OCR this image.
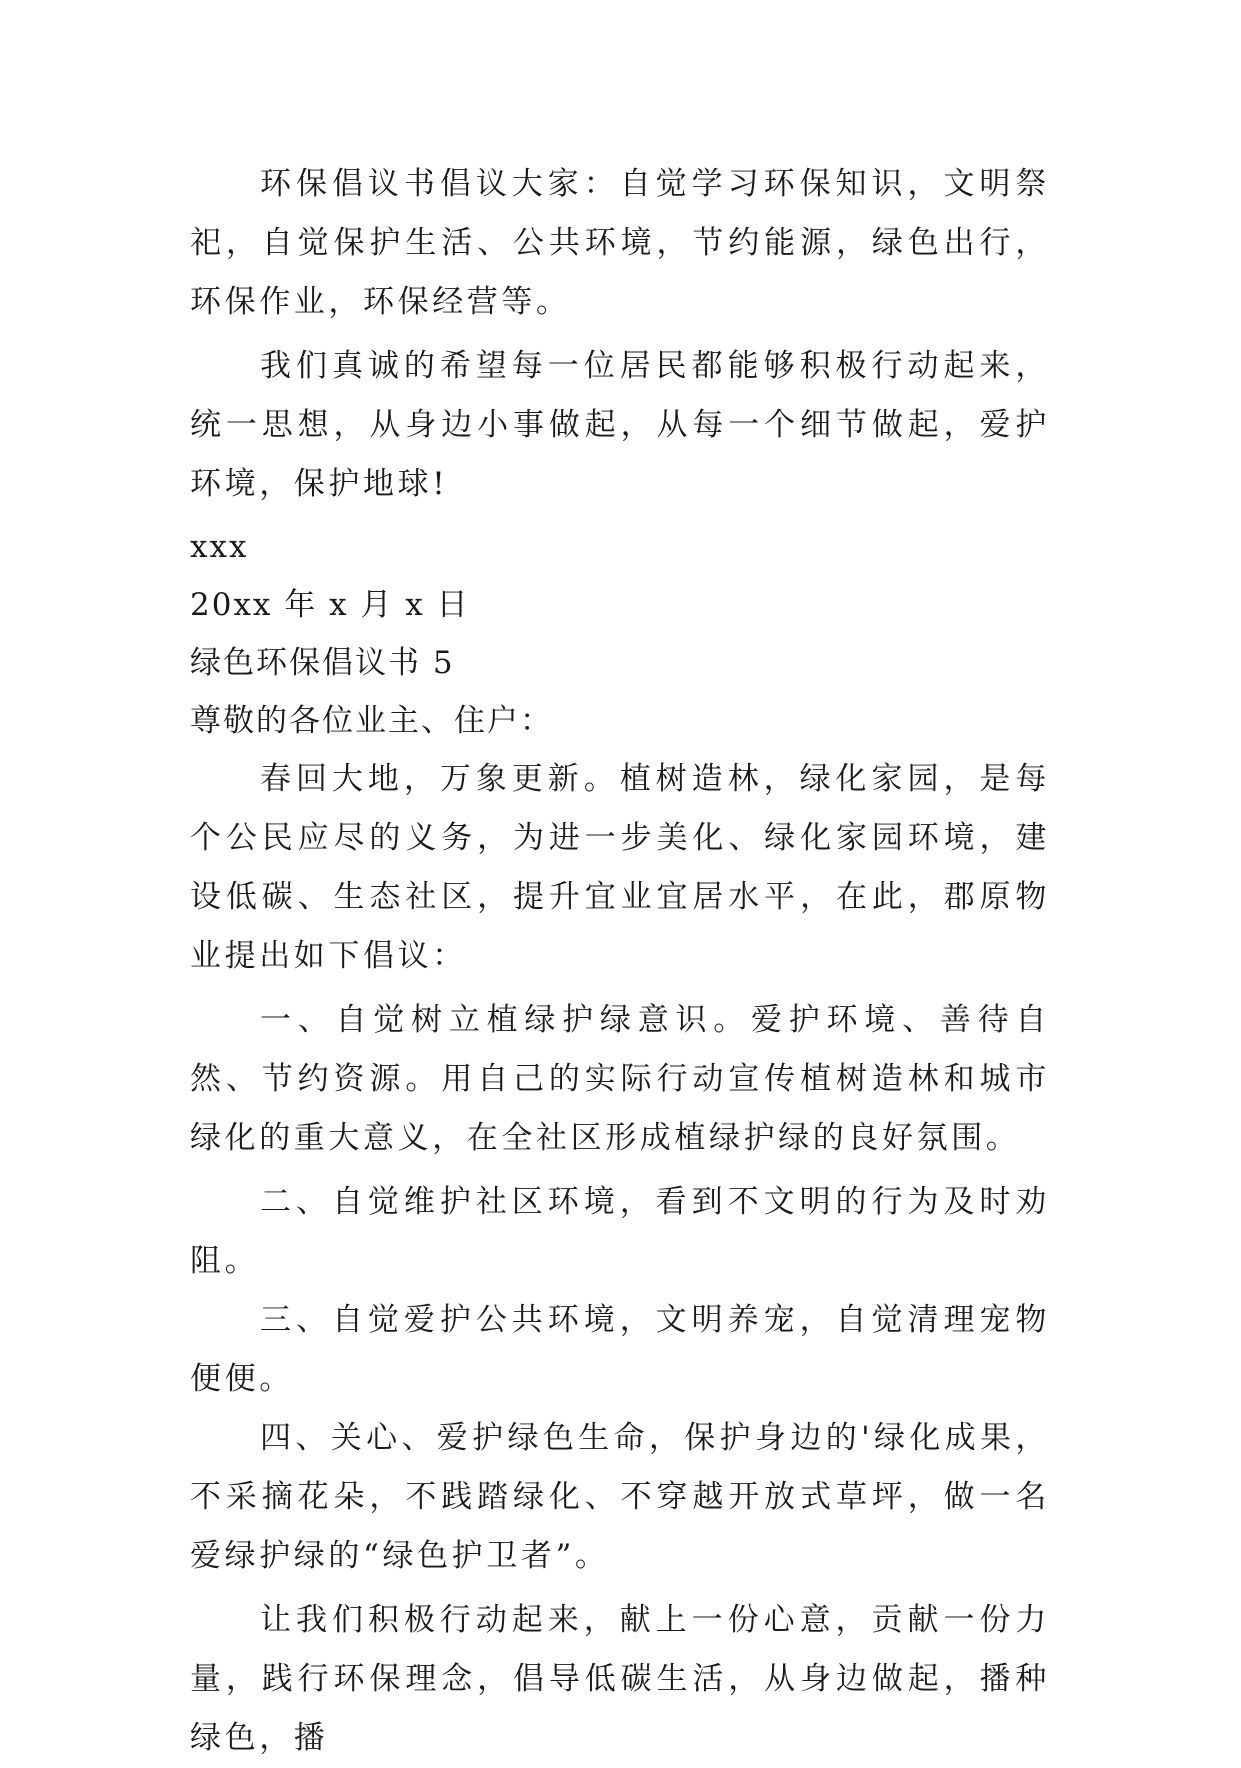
环保倡议书倡议大家：自觉学习环保知识，文明祭祀，自觉保护生活、公共环境，节约能源，绿色出行，环保作业，环保经营等。

我们真诚的希望每一位居民都能够积极行动起来，统一思想，从身边小事做起，从每一个细节做起，爱护环境，保护地球!

xxx

20xx 年 x 月 x 日

绿色环保倡议书 5

尊敬的各位业主、住户：

春回大地，万象更新。植树造林，绿化家园，是每个公民应尽的义务，为进一步美化、绿化家园环境，建设低碳、生态社区，提升宜业宜居水平，在此，郡原物业提出如下倡议：

一、自觉树立植绿护绿意识。爱护环境、善待自然、节约资源。用自己的实际行动宣传植树造林和城市绿化的重大意义，在全社区形成植绿护绿的良好氛围。

二、自觉维护社区环境，看到不文明的行为及时劝阻。

三、自觉爱护公共环境，文明养宠，自觉清理宠物便便。

四、关心、爱护绿色生命，保护身边的'绿化成果，不采摘花朵，不践踏绿化、不穿越开放式草坪，做一名爱绿护绿的“绿色护卫者”。

让我们积极行动起来，献上一份心意，贡献一份力量，践行环保理念，倡导低碳生活，从身边做起，播种绿色，播
